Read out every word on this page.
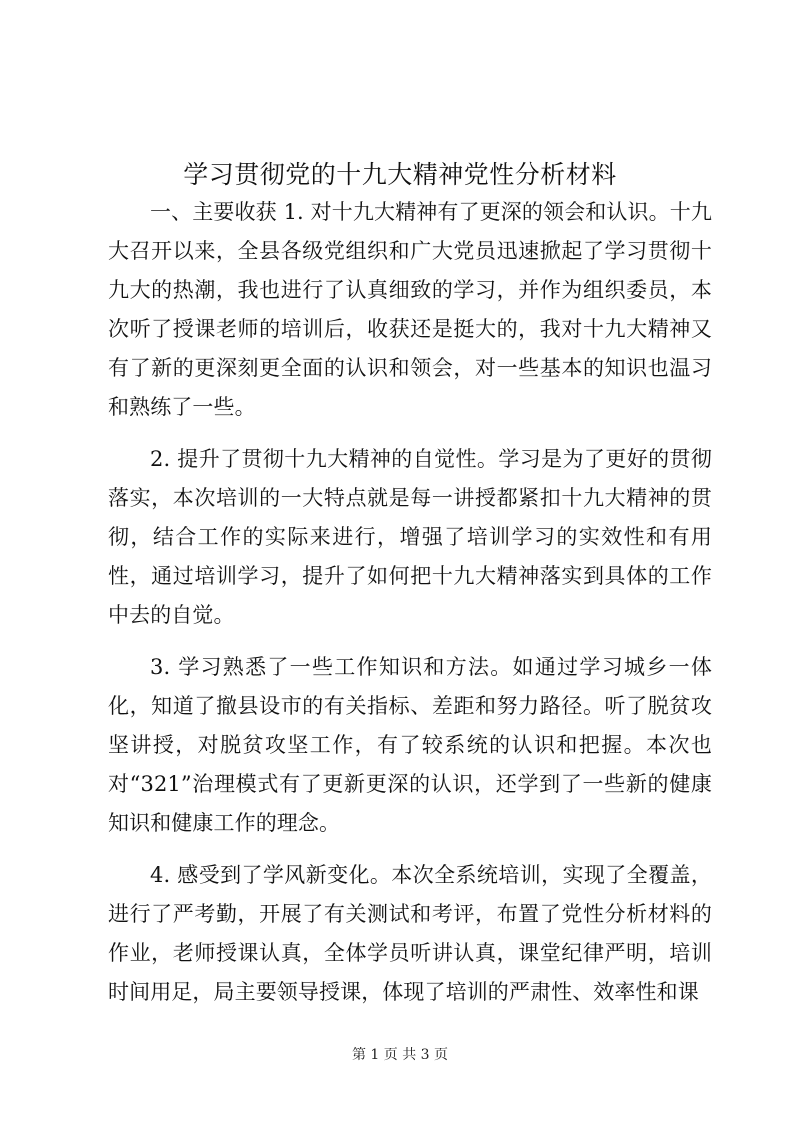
学习贯彻党的十九大精神党性分析材料

一、主要收获 1. 对十九大精神有了更深的领会和认识。十九大召开以来，全县各级党组织和广大党员迅速掀起了学习贯彻十九大的热潮，我也进行了认真细致的学习，并作为组织委员，本次听了授课老师的培训后，收获还是挺大的，我对十九大精神又有了新的更深刻更全面的认识和领会，对一些基本的知识也温习和熟练了一些。

2. 提升了贯彻十九大精神的自觉性。学习是为了更好的贯彻落实，本次培训的一大特点就是每一讲授都紧扣十九大精神的贯彻，结合工作的实际来进行，增强了培训学习的实效性和有用性，通过培训学习，提升了如何把十九大精神落实到具体的工作中去的自觉。

3. 学习熟悉了一些工作知识和方法。如通过学习城乡一体化，知道了撤县设市的有关指标、差距和努力路径。听了脱贫攻坚讲授，对脱贫攻坚工作，有了较系统的认识和把握。本次也对“321”治理模式有了更新更深的认识，还学到了一些新的健康知识和健康工作的理念。

4. 感受到了学风新变化。本次全系统培训，实现了全覆盖，进行了严考勤，开展了有关测试和考评，布置了党性分析材料的作业，老师授课认真，全体学员听讲认真，课堂纪律严明，培训时间用足，局主要领导授课，体现了培训的严肃性、效率性和课

第 1 页 共 3 页
